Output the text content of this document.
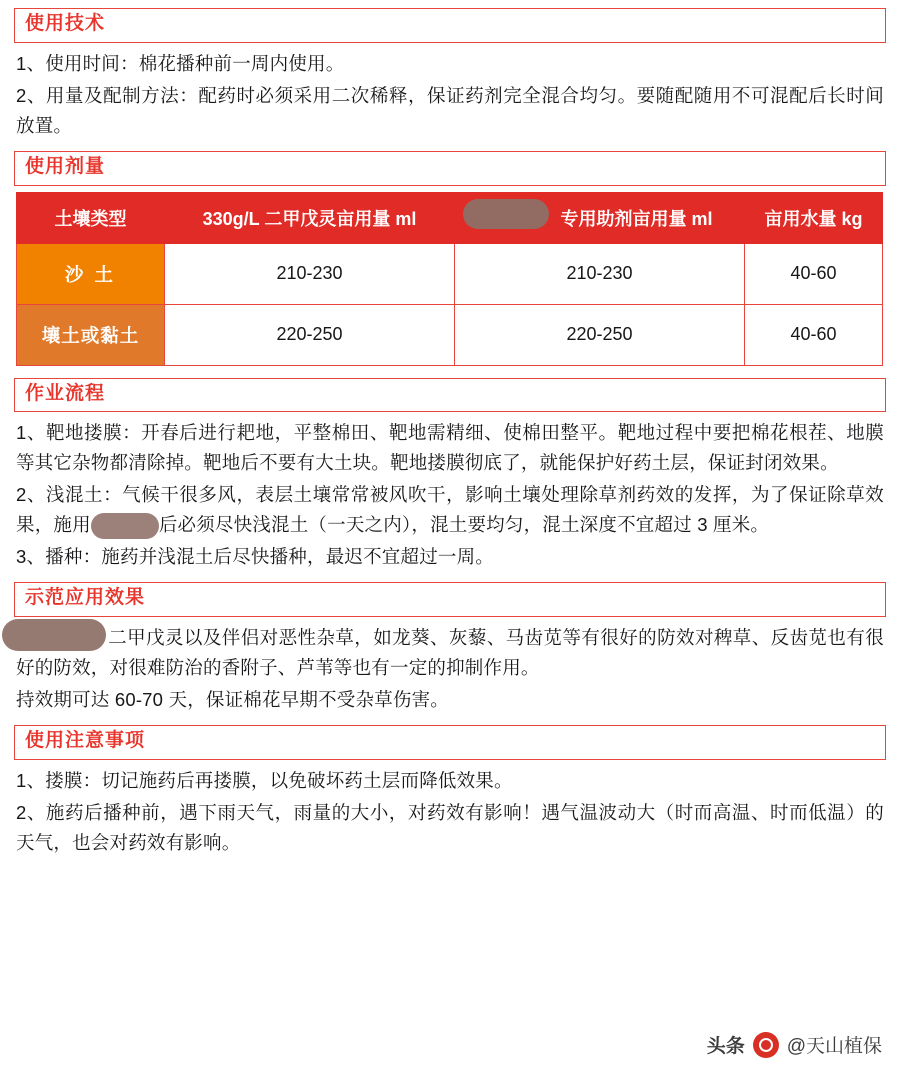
使用技术

1、使用时间：棉花播种前一周内使用。

2、用量及配制方法：配药时必须采用二次稀释，保证药剂完全混合均匀。要随配随用不可混配后长时间放置。

使用剂量
土壤类型	330g/L 二甲戊灵亩用量 ml	专用助剂亩用量 ml	亩用水量 kg

沙 土	210-230	210-230	40-60

壤土或黏土	220-250	220-250	40-60
作业流程

1、靶地搂膜：开春后进行耙地，平整棉田、靶地需精细、使棉田整平。靶地过程中要把棉花根茬、地膜等其它杂物都清除掉。靶地后不要有大土块。靶地搂膜彻底了，就能保护好药土层，保证封闭效果。

2、浅混土：气候干很多风，表层土壤常常被风吹干，影响土壤处理除草剂药效的发挥，为了保证除草效果，施用	后必须尽快浅混土（一天之内），混土要均匀，混土深度不宜超过 3 厘米。

3、播种：施药并浅混土后尽快播种，最迟不宜超过一周。

示范应用效果

二甲戊灵以及伴侣对恶性杂草，如龙葵、灰藜、马齿苋等有很好的防效对稗草、反齿苋也有很好的防效，对很难防治的香附子、芦苇等也有一定的抑制作用。

持效期可达 60-70 天，保证棉花早期不受杂草伤害。

使用注意事项

1、搂膜：切记施药后再搂膜，以免破坏药土层而降低效果。

2、施药后播种前，遇下雨天气，雨量的大小，对药效有影响！遇气温波动大（时而高温、时而低温）的天气，也会对药效有影响。

头条 @天山植保
